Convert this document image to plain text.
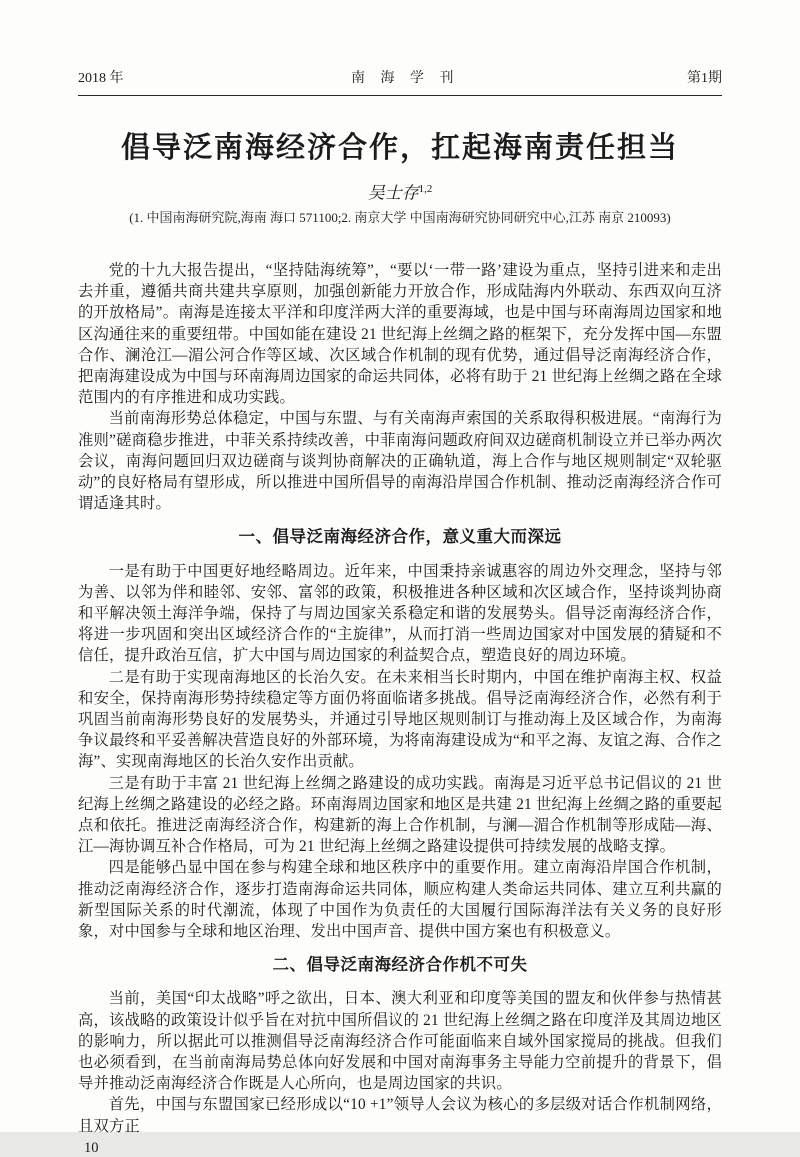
2018 年	南 海 学 刊	第1期
倡导泛南海经济合作，扛起海南责任担当
吴士存$^{1,2}$
(1. 中国南海研究院,海南 海口 571100;2. 南京大学 中国南海研究协同研究中心,江苏 南京 210093)

党的十九大报告提出，“坚持陆海统筹”，“要以‘一带一路’建设为重点，坚持引进来和走出去并重，遵循共商共建共享原则，加强创新能力开放合作，形成陆海内外联动、东西双向互济的开放格局”。南海是连接太平洋和印度洋两大洋的重要海域，也是中国与环南海周边国家和地区沟通往来的重要纽带。中国如能在建设 21 世纪海上丝绸之路的框架下，充分发挥中国—东盟合作、澜沧江—湄公河合作等区域、次区域合作机制的现有优势，通过倡导泛南海经济合作，把南海建设成为中国与环南海周边国家的命运共同体，必将有助于 21 世纪海上丝绸之路在全球范围内的有序推进和成功实践。

当前南海形势总体稳定，中国与东盟、与有关南海声索国的关系取得积极进展。“南海行为准则”磋商稳步推进，中菲关系持续改善，中菲南海问题政府间双边磋商机制设立并已举办两次会议，南海问题回归双边磋商与谈判协商解决的正确轨道，海上合作与地区规则制定“双轮驱动”的良好格局有望形成，所以推进中国所倡导的南海沿岸国合作机制、推动泛南海经济合作可谓适逢其时。

一、倡导泛南海经济合作，意义重大而深远

一是有助于中国更好地经略周边。近年来，中国秉持亲诚惠容的周边外交理念，坚持与邻为善、以邻为伴和睦邻、安邻、富邻的政策，积极推进各种区域和次区域合作，坚持谈判协商和平解决领土海洋争端，保持了与周边国家关系稳定和谐的发展势头。倡导泛南海经济合作，将进一步巩固和突出区域经济合作的“主旋律”，从而打消一些周边国家对中国发展的猜疑和不信任，提升政治互信，扩大中国与周边国家的利益契合点，塑造良好的周边环境。

二是有助于实现南海地区的长治久安。在未来相当长时期内，中国在维护南海主权、权益和安全，保持南海形势持续稳定等方面仍将面临诸多挑战。倡导泛南海经济合作，必然有利于巩固当前南海形势良好的发展势头，并通过引导地区规则制订与推动海上及区域合作，为南海争议最终和平妥善解决营造良好的外部环境，为将南海建设成为“和平之海、友谊之海、合作之海”、实现南海地区的长治久安作出贡献。

三是有助于丰富 21 世纪海上丝绸之路建设的成功实践。南海是习近平总书记倡议的 21 世纪海上丝绸之路建设的必经之路。环南海周边国家和地区是共建 21 世纪海上丝绸之路的重要起点和依托。推进泛南海经济合作，构建新的海上合作机制，与澜—湄合作机制等形成陆—海、江—海协调互补合作格局，可为 21 世纪海上丝绸之路建设提供可持续发展的战略支撑。

四是能够凸显中国在参与构建全球和地区秩序中的重要作用。建立南海沿岸国合作机制，推动泛南海经济合作，逐步打造南海命运共同体，顺应构建人类命运共同体、建立互利共赢的新型国际关系的时代潮流，体现了中国作为负责任的大国履行国际海洋法有关义务的良好形象，对中国参与全球和地区治理、发出中国声音、提供中国方案也有积极意义。

二、倡导泛南海经济合作机不可失

当前，美国“印太战略”呼之欲出，日本、澳大利亚和印度等美国的盟友和伙伴参与热情甚高，该战略的政策设计似乎旨在对抗中国所倡议的 21 世纪海上丝绸之路在印度洋及其周边地区的影响力，所以据此可以推测倡导泛南海经济合作可能面临来自域外国家搅局的挑战。但我们也必须看到，在当前南海局势总体向好发展和中国对南海事务主导能力空前提升的背景下，倡导并推动泛南海经济合作既是人心所向，也是周边国家的共识。

首先，中国与东盟国家已经形成以“10 +1”领导人会议为核心的多层级对话合作机制网络，且双方正

10
